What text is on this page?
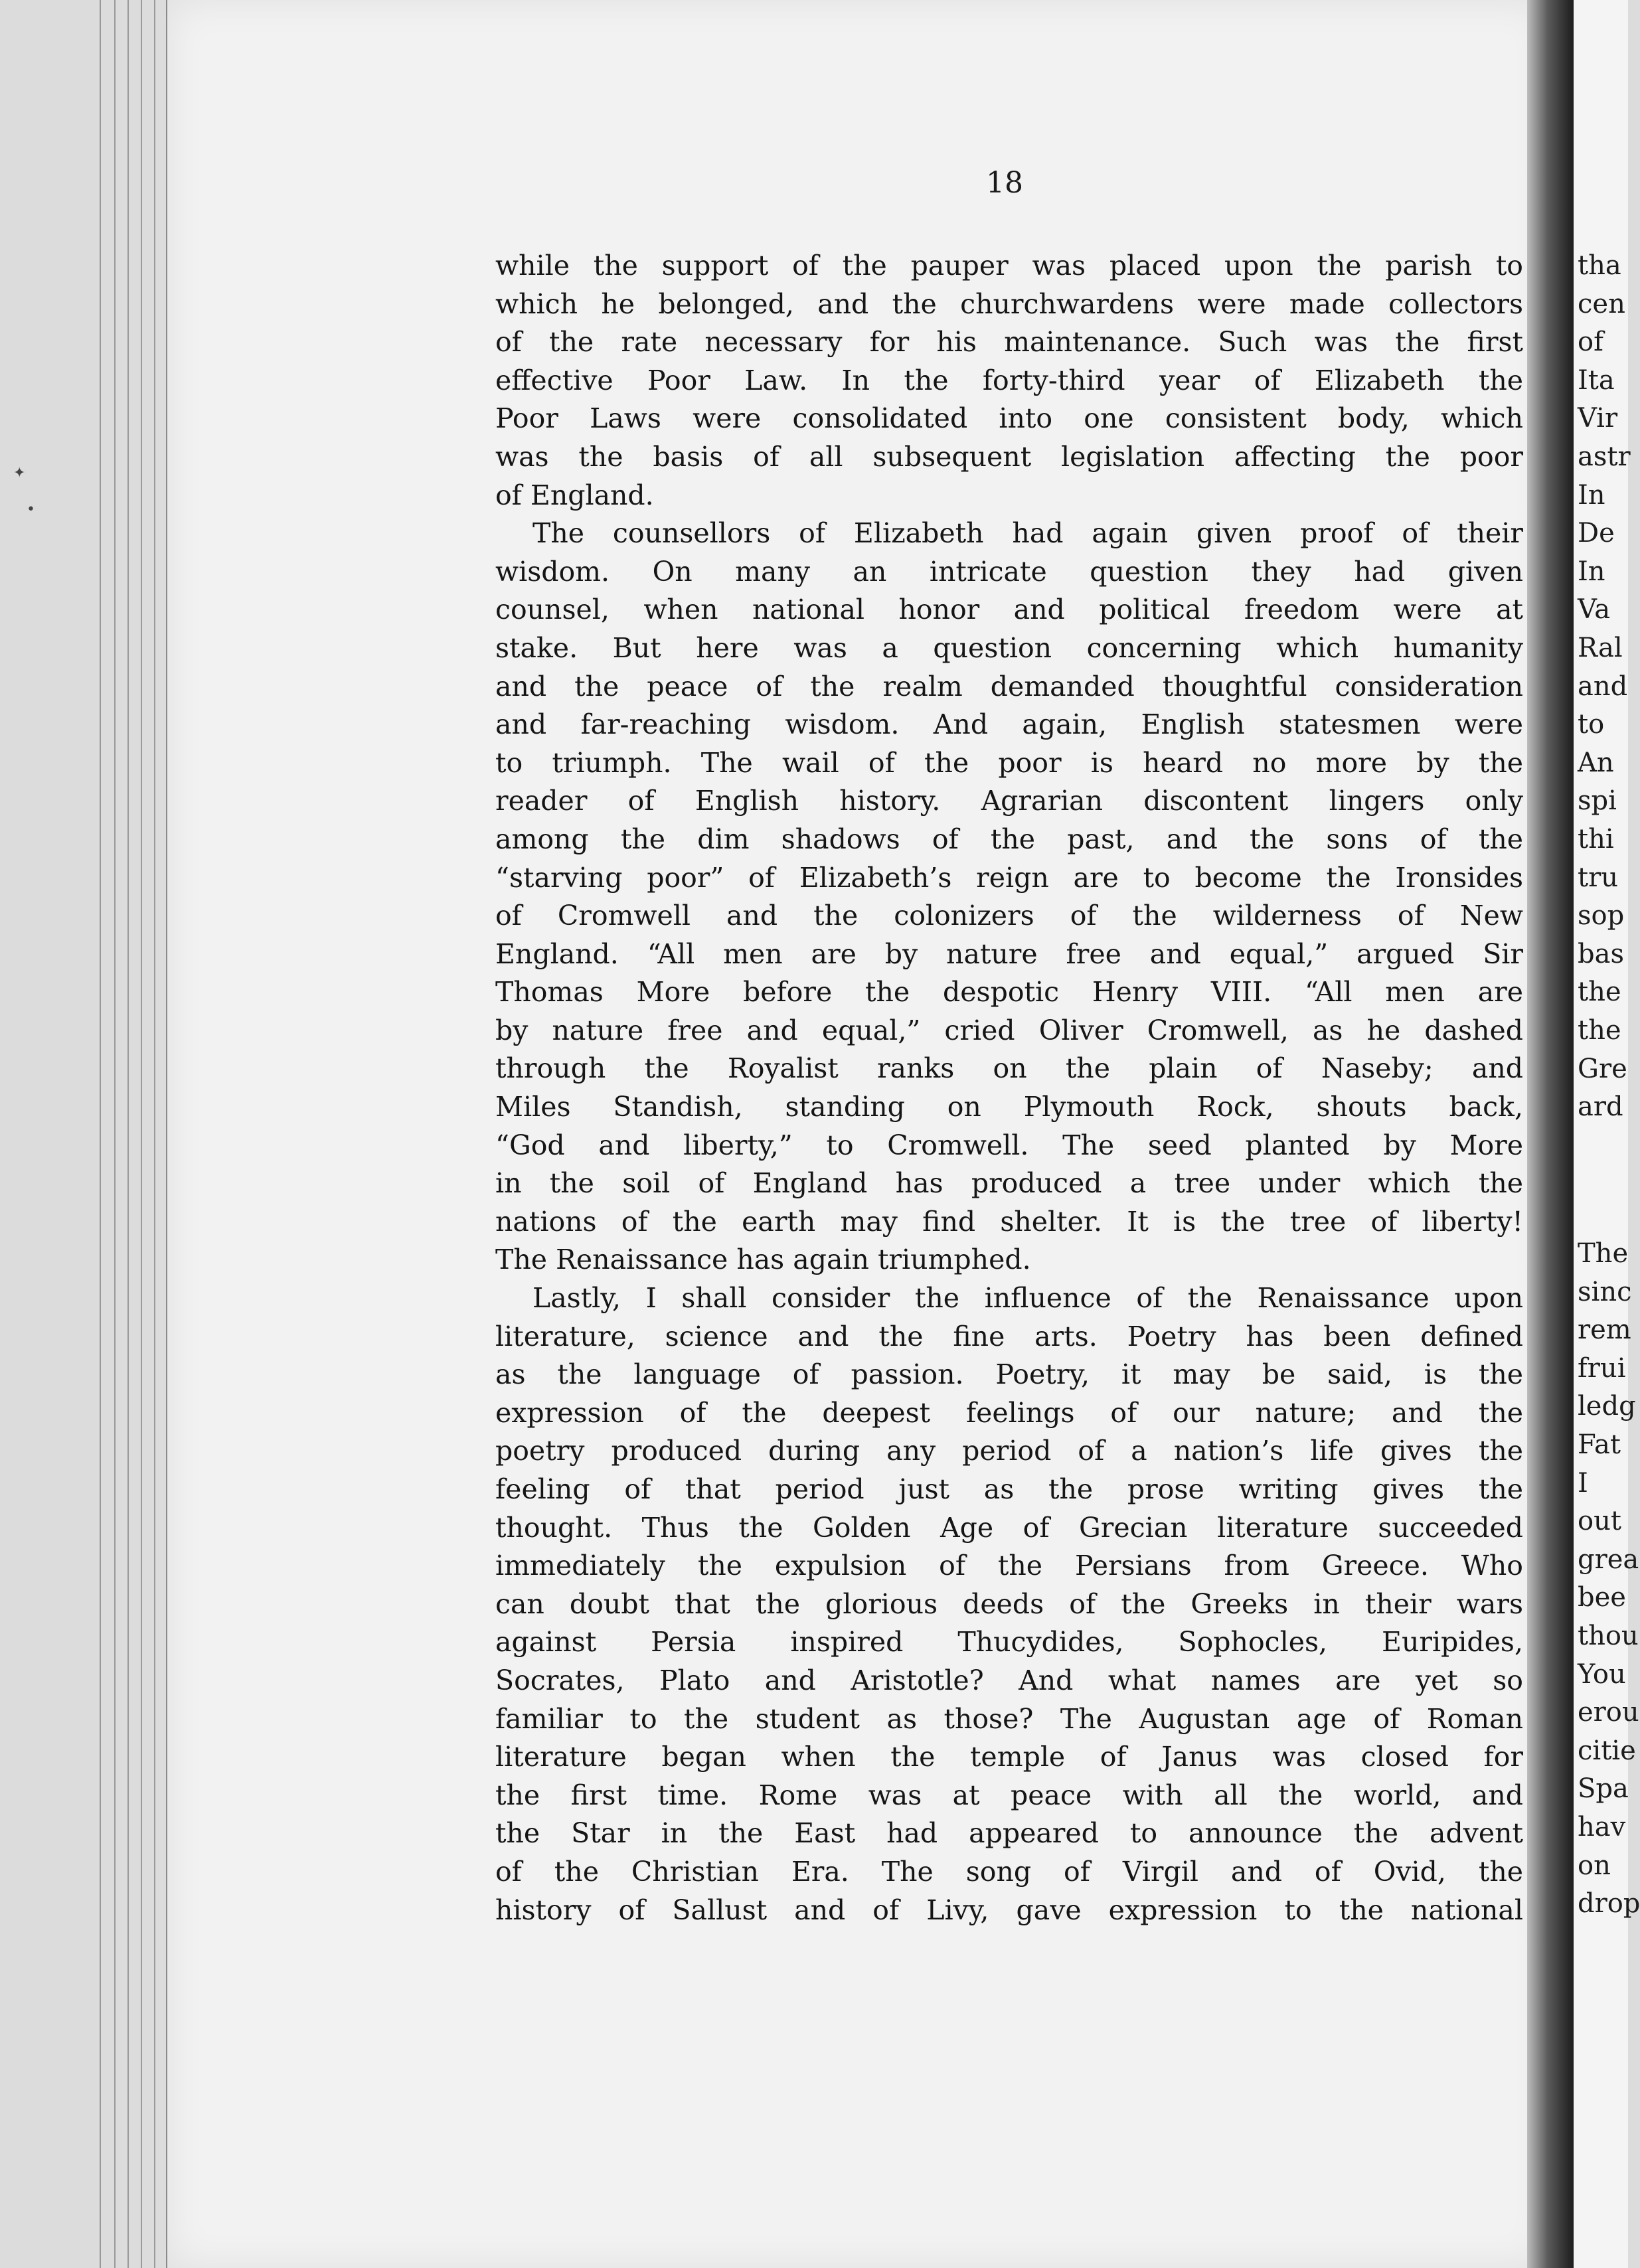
18
while the support of the pauper was placed upon the parish to
which he belonged, and the churchwardens were made collectors
of the rate necessary for his maintenance. Such was the first
effective Poor Law. In the forty-third year of Elizabeth the
Poor Laws were consolidated into one consistent body, which
was the basis of all subsequent legislation affecting the poor
of England.
The counsellors of Elizabeth had again given proof of their
wisdom. On many an intricate question they had given
counsel, when national honor and political freedom were at
stake. But here was a question concerning which humanity
and the peace of the realm demanded thoughtful consideration
and far-reaching wisdom. And again, English statesmen were
to triumph. The wail of the poor is heard no more by the
reader of English history. Agrarian discontent lingers only
among the dim shadows of the past, and the sons of the
“starving poor” of Elizabeth’s reign are to become the Ironsides
of Cromwell and the colonizers of the wilderness of New
England. “All men are by nature free and equal,” argued Sir
Thomas More before the despotic Henry VIII. “All men are
by nature free and equal,” cried Oliver Cromwell, as he dashed
through the Royalist ranks on the plain of Naseby; and
Miles Standish, standing on Plymouth Rock, shouts back,
“God and liberty,” to Cromwell. The seed planted by More
in the soil of England has produced a tree under which the
nations of the earth may find shelter. It is the tree of liberty!
The Renaissance has again triumphed.
Lastly, I shall consider the influence of the Renaissance upon
literature, science and the fine arts. Poetry has been defined
as the language of passion. Poetry, it may be said, is the
expression of the deepest feelings of our nature; and the
poetry produced during any period of a nation’s life gives the
feeling of that period just as the prose writing gives the
thought. Thus the Golden Age of Grecian literature succeeded
immediately the expulsion of the Persians from Greece. Who
can doubt that the glorious deeds of the Greeks in their wars
against Persia inspired Thucydides, Sophocles, Euripides,
Socrates, Plato and Aristotle? And what names are yet so
familiar to the student as those? The Augustan age of Roman
literature began when the temple of Janus was closed for
the first time. Rome was at peace with all the world, and
the Star in the East had appeared to announce the advent
of the Christian Era. The song of Virgil and of Ovid, the
history of Sallust and of Livy, gave expression to the national
tha
cen
of
Ita
Vir
astr
In
De
In
Va
Ral
and
to
An
spi
thi
tru
sop
bas
the
the
Gre
ard
The
sinc
rem
frui
ledg
Fat
I
out
grea
bee
thou
You
erou
citie
Spa
hav
on
drop
✦
•
